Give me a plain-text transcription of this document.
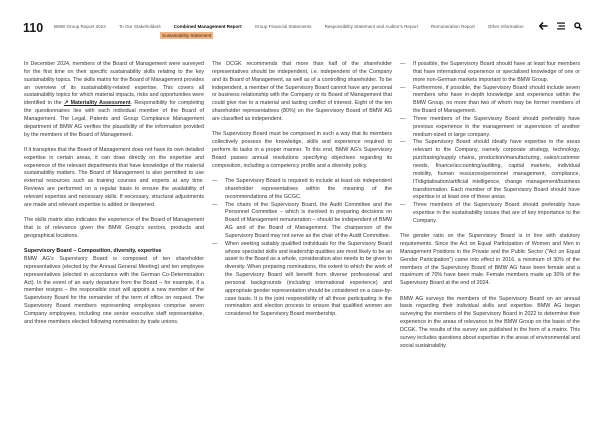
110 BMW Group Report 2024	To Our Stakeholders	Combined Management Report	Group Financial Statements	Responsibility Statement and Auditor's Report	Remuneration Report	Other Information
Sustainability Statement

In December 2024, members of the Board of Management were surveyed for the first time on their specific sustainability skills relating to the key sustainability topics. The skills matrix for the Board of Management provides an overview of its sustainability-related expertise. This covers all sustainability topics for which material impacts, risks and opportunities were identified in the ↗ Materiality Assessment. Responsibility for completing the questionnaires lies with each individual member of the Board of Management. The Legal, Patents and Group Compliance Management department of BMW AG verifies the plausibility of the information provided by the members of the Board of Management.

If it transpires that the Board of Management does not have its own detailed expertise in certain areas, it can draw directly on the expertise and experience of the relevant departments that have knowledge of the material sustainability matters. The Board of Management is also permitted to use external resources such as training courses and experts at any time. Reviews are performed on a regular basis to ensure the availability of relevant expertise and necessary skills. If necessary, structural adjustments are made and relevant expertise is added or deepened.

The skills matrix also indicates the experience of the Board of Management that is of relevance given the BMW Group's sectors, products and geographical locations.

Supervisory Board – Composition, diversity, expertise
BMW AG's Supervisory Board is composed of ten shareholder representatives (elected by the Annual General Meeting) and ten employee representatives (elected in accordance with the German Co-Determination Act). In the event of an early departure from the Board – for example, if a member resigns – the responsible court will appoint a new member of the Supervisory Board for the remainder of the term of office on request. The Supervisory Board members representing employees comprise seven Company employees, including one senior executive staff representative, and three members elected following nomination by trade unions.

The DCGK recommends that more than half of the shareholder representatives should be independent, i.e. independent of the Company and its Board of Management, as well as of a controlling shareholder. To be independent, a member of the Supervisory Board cannot have any personal or business relationship with the Company or its Board of Management that could give rise to a material and lasting conflict of interest. Eight of the ten shareholder representatives (80%) on the Supervisory Board of BMW AG are classified as independent.

The Supervisory Board must be composed in such a way that its members collectively possess the knowledge, skills and experience required to perform its tasks in a proper manner. To this end, BMW AG's Supervisory Board passes annual resolutions specifying objectives regarding its composition, including a competency profile and a diversity policy.

— The Supervisory Board is required to include at least six independent shareholder representatives within the meaning of the recommendations of the GCGC.
— The chairs of the Supervisory Board, the Audit Committee and the Personnel Committee – which is involved in preparing decisions on Board of Management remuneration – should be independent of BMW AG and of the Board of Management. The chairperson of the Supervisory Board may not serve as the chair of the Audit Committee.
— When seeking suitably qualified individuals for the Supervisory Board whose specialist skills and leadership qualities are most likely to be an asset to the Board as a whole, consideration also needs to be given to diversity. When preparing nominations, the extent to which the work of the Supervisory Board will benefit from diverse professional and personal backgrounds (including international experience) and appropriate gender representation should be considered on a case-by-case basis. It is the joint responsibility of all those participating in the nomination and election process to ensure that qualified women are considered for Supervisory Board membership.
— If possible, the Supervisory Board should have at least four members that have international experience or specialised knowledge of one or more non-German markets important to the BMW Group.
— Furthermore, if possible, the Supervisory Board should include seven members who have in-depth knowledge and experience within the BMW Group, no more than two of whom may be former members of the Board of Management.
— Three members of the Supervisory Board should preferably have previous experience in the management or supervision of another medium-sized or large company.
— The Supervisory Board should ideally have expertise in the areas relevant to the Company, namely corporate strategy, technology, purchasing/supply chains, production/manufacturing, sales/customer needs, finance/accounting/auditing, capital markets, individual mobility, human resources/personnel management, compliance, IT/digitalisation/artificial intelligence, change management/business transformation. Each member of the Supervisory Board should have expertise in at least one of these areas.
— Three members of the Supervisory Board should preferably have expertise in the sustainability issues that are of key importance to the Company.

The gender ratio on the Supervisory Board is in line with statutory requirements. Since the Act on Equal Participation of Women and Men in Management Positions in the Private and the Public Sector ("Act on Equal Gender Participation") came into effect in 2016, a minimum of 30% of the members of the Supervisory Board of BMW AG have been female and a maximum of 70% have been male. Female members made up 30% of the Supervisory Board at the end of 2024.

BMW AG surveys the members of the Supervisory Board on an annual basis regarding their individual skills and expertise. BMW AG began surveying the members of the Supervisory Board in 2022 to determine their experience in the areas of relevance to the BMW Group on the basis of the DCGK. The results of the survey are published in the form of a matrix. This survey includes questions about expertise in the areas of environmental and social sustainability.
